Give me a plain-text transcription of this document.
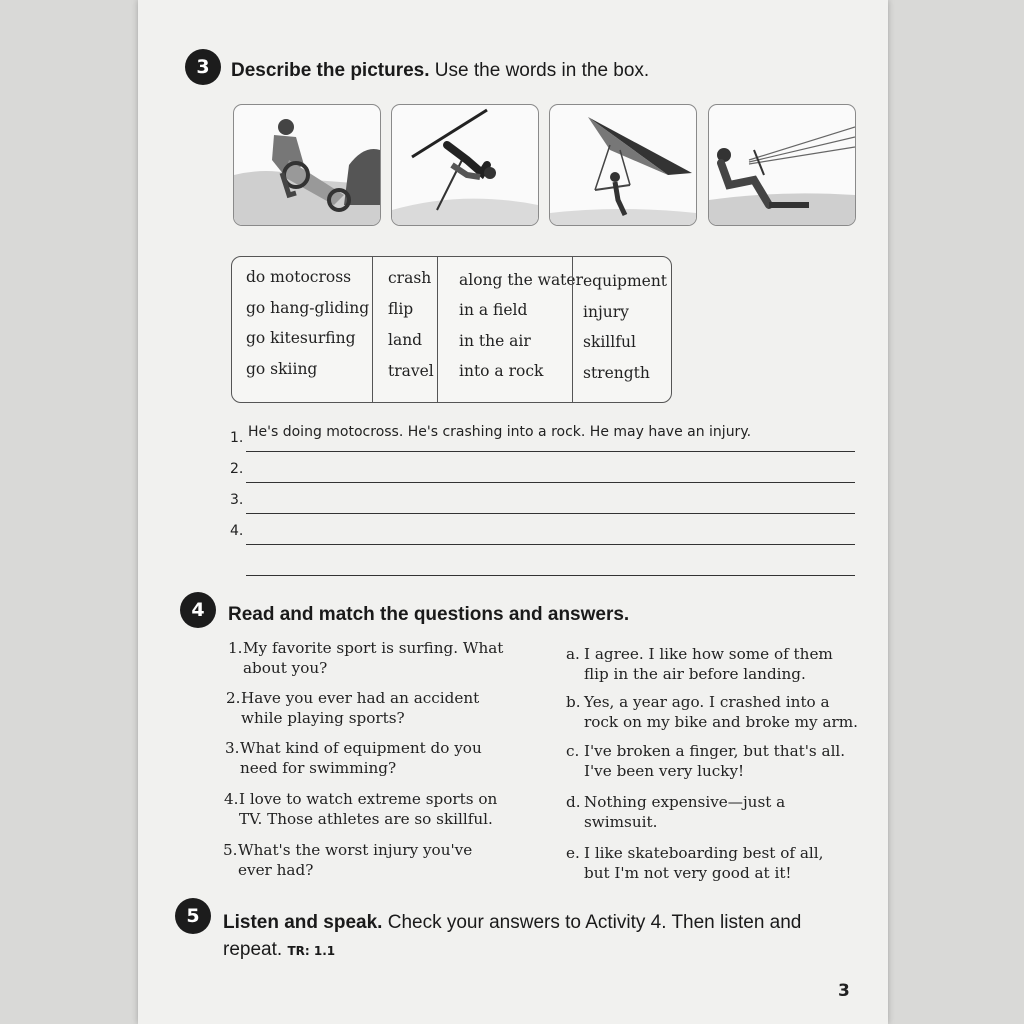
3	Describe the pictures. Use the words in the box.
do motocross
go hang-gliding
go kitesurfing
go skiing
crash
flip
land
travel
along the water
in a field
in the air
into a rock
equipment
injury
skillful
strength
1. He's doing motocross. He's crashing into a rock. He may have an injury.
2.
3.
4.
4	Read and match the questions and answers.
1. My favorite sport is surfing. What
about you?
2. Have you ever had an accident
while playing sports?
3. What kind of equipment do you
need for swimming?
4. I love to watch extreme sports on
TV. Those athletes are so skillful.
5. What's the worst injury you've
ever had?
a. I agree. I like how some of them
flip in the air before landing.
b. Yes, a year ago. I crashed into a
rock on my bike and broke my arm.
c. I've broken a finger, but that's all.
I've been very lucky!
d. Nothing expensive—just a
swimsuit.
e. I like skateboarding best of all,
but I'm not very good at it!
5	Listen and speak. Check your answers to Activity 4. Then listen and
repeat. TR: 1.1
3
